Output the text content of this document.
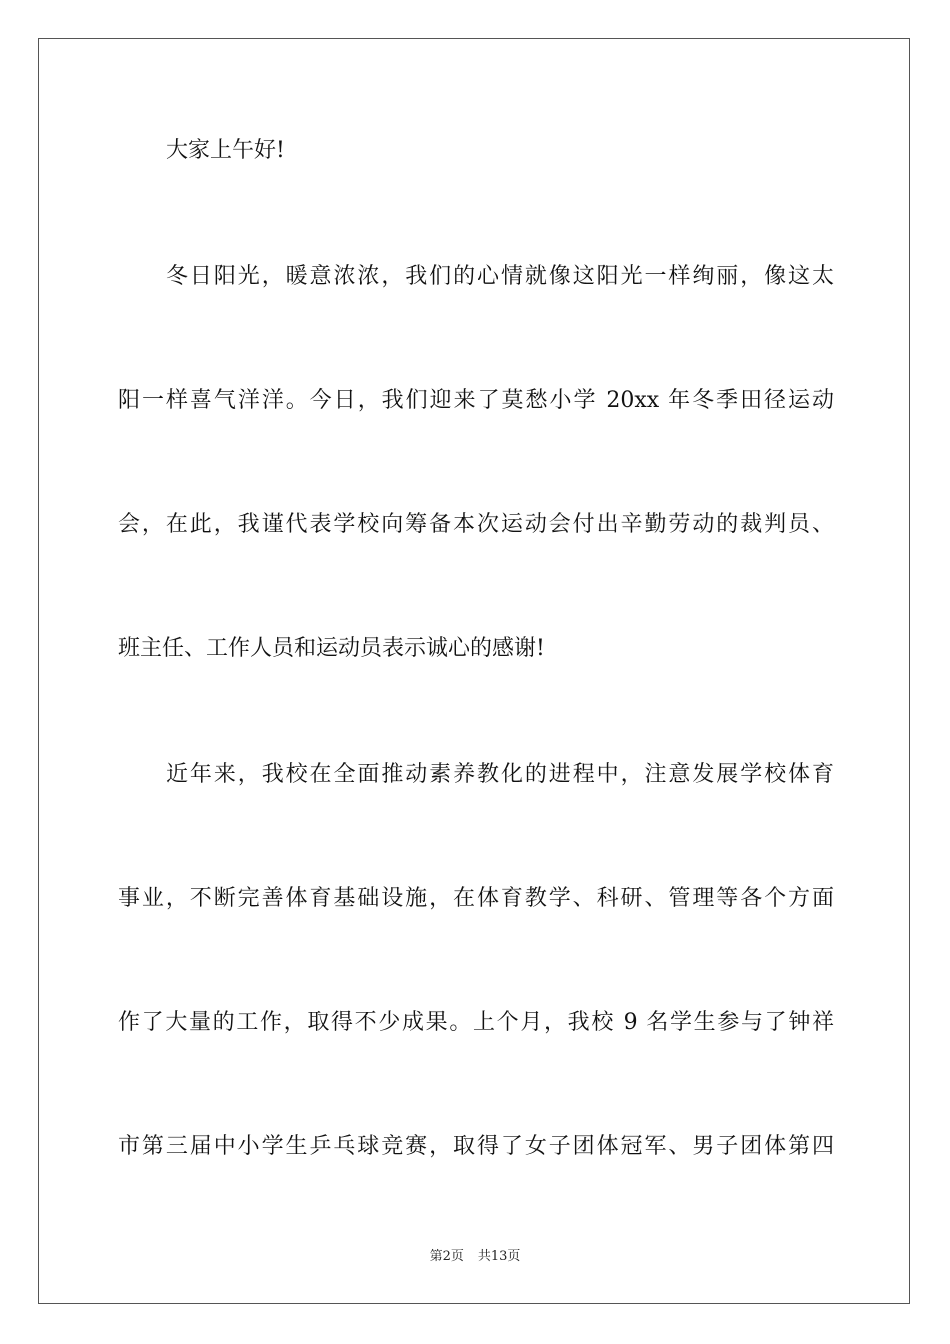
大家上午好!
冬日阳光，暖意浓浓，我们的心情就像这阳光一样绚丽，像这太
阳一样喜气洋洋。今日，我们迎来了莫愁小学 20xx 年冬季田径运动
会，在此，我谨代表学校向筹备本次运动会付出辛勤劳动的裁判员、
班主任、工作人员和运动员表示诚心的感谢!
近年来，我校在全面推动素养教化的进程中，注意发展学校体育
事业，不断完善体育基础设施，在体育教学、科研、管理等各个方面
作了大量的工作，取得不少成果。上个月，我校 9 名学生参与了钟祥
市第三届中小学生乒乓球竞赛，取得了女子团体冠军、男子团体第四
第2页 共13页
